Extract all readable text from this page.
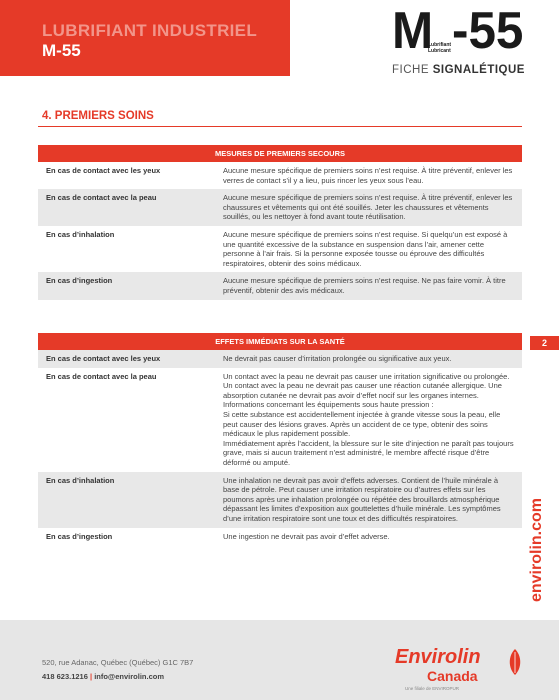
LUBRIFIANT INDUSTRIEL
M-55	M
Lubrifiant
Lubricant -55
FICHE SIGNALÉTIQUE
4. PREMIERS SOINS
MESURES DE PREMIERS SECOURS	
En cas de contact avec les yeux	Aucune mesure spécifique de premiers soins n’est requise. À titre préventif, enlever les verres de contact s’il y a lieu, puis rincer les yeux sous l’eau.
En cas de contact avec la peau	Aucune mesure spécifique de premiers soins n’est requise. À titre préventif, enlever les chaussures et vêtements qui ont été souillés. Jeter les chaussures et vêtements souillés, ou les nettoyer à fond avant toute réutilisation.
En cas d’inhalation	Aucune mesure spécifique de premiers soins n’est requise. Si quelqu’un est exposé à une quantité excessive de la substance en suspension dans l’air, amener cette personne à l’air frais. Si la personne exposée tousse ou éprouve des difficultés respiratoires, obtenir des soins médicaux.
En cas d’ingestion	Aucune mesure spécifique de premiers soins n’est requise. Ne pas faire vomir. À titre préventif, obtenir des avis médicaux.
EFFETS IMMÉDIATS SUR LA SANTÉ	
En cas de contact avec les yeux	Ne devrait pas causer d’irritation prolongée ou significative aux yeux.
En cas de contact avec la peau	Un contact avec la peau ne devrait pas causer une irritation significative ou prolongée. Un contact avec la peau ne devrait pas causer une réaction cutanée allergique. Une absorption cutanée ne devrait pas avoir d’effet nocif sur les organes internes.
Informations concernant les équipements sous haute pression :
Si cette substance est accidentellement injectée à grande vitesse sous la peau, elle peut causer des lésions graves. Après un accident de ce type, obtenir des soins médicaux le plus rapidement possible.
Immédiatement après l’accident, la blessure sur le site d’injection ne paraît pas toujours grave, mais si aucun traitement n’est administré, le membre affecté risque d’être déformé ou amputé.

En cas d’inhalation	Une inhalation ne devrait pas avoir d’effets adverses. Contient de l’huile minérale à base de pétrole. Peut causer une irritation respiratoire ou d’autres effets sur les poumons après une inhalation prolongée ou répétée des brouillards atmosphérique dépassant les limites d’exposition aux gouttelettes d’huile minérale. Les symptômes d’une irritation respiratoire sont une toux et des difficultés respiratoires.
En cas d’ingestion	Une ingestion ne devrait pas avoir d’effet adverse.
2
envirolin.com
520, rue Adanac, Québec (Québec) G1C 7B7
418 623.1216 | info@envirolin.com
Envirolin
Canada
Une filiale de ENVIROPUR
